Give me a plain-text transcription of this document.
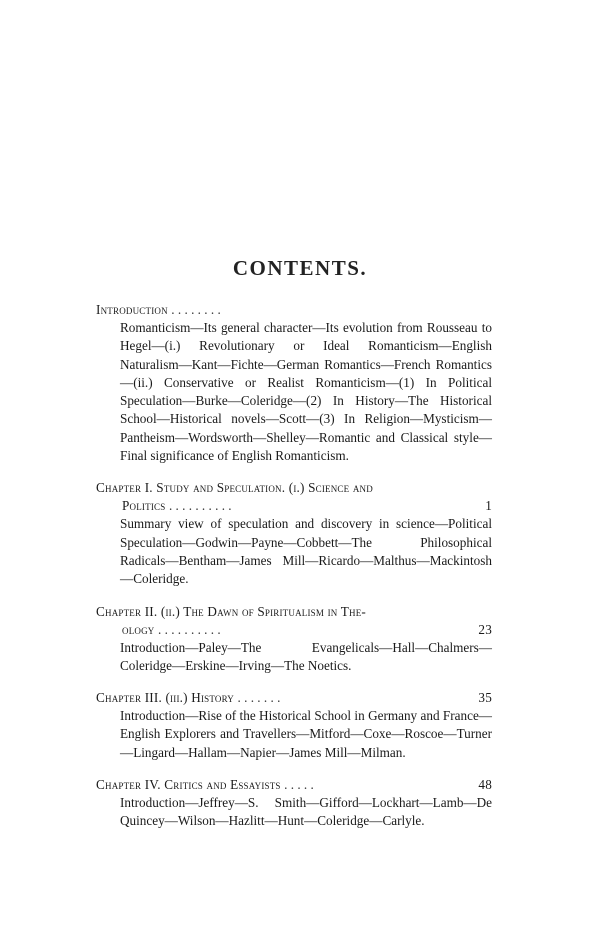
CONTENTS.
Introduction . . . . . . . .
Romanticism—Its general character—Its evolution from Rousseau to Hegel—(i.) Revolutionary or Ideal Romanticism—English Naturalism—Kant—Fichte—German Romantics—French Romantics—(ii.) Conservative or Realist Romanticism—(1) In Political Speculation—Burke—Coleridge—(2) In History—The Historical School—Historical novels—Scott—(3) In Religion—Mysticism—Pantheism—Wordsworth—Shelley—Romantic and Classical style—Final significance of English Romanticism.
Chapter I. Study and Speculation. (i.) Science and
Politics . . . . . . . . . .	1
Summary view of speculation and discovery in science—Political Speculation—Godwin—Payne—Cobbett—The Philosophical Radicals—Bentham—James Mill—Ricardo—Malthus—Mackintosh—Coleridge.
Chapter II. (ii.) The Dawn of Spiritualism in The-
ology . . . . . . . . . .	23
Introduction—Paley—The Evangelicals—Hall—Chalmers—Coleridge—Erskine—Irving—The Noetics.
Chapter III. (iii.) History . . . . . . .	35
Introduction—Rise of the Historical School in Germany and France—English Explorers and Travellers—Mitford—Coxe—Roscoe—Turner—Lingard—Hallam—Napier—James Mill—Milman.
Chapter IV. Critics and Essayists . . . . .	48
Introduction—Jeffrey—S. Smith—Gifford—Lockhart—Lamb—De Quincey—Wilson—Hazlitt—Hunt—Coleridge—Carlyle.
